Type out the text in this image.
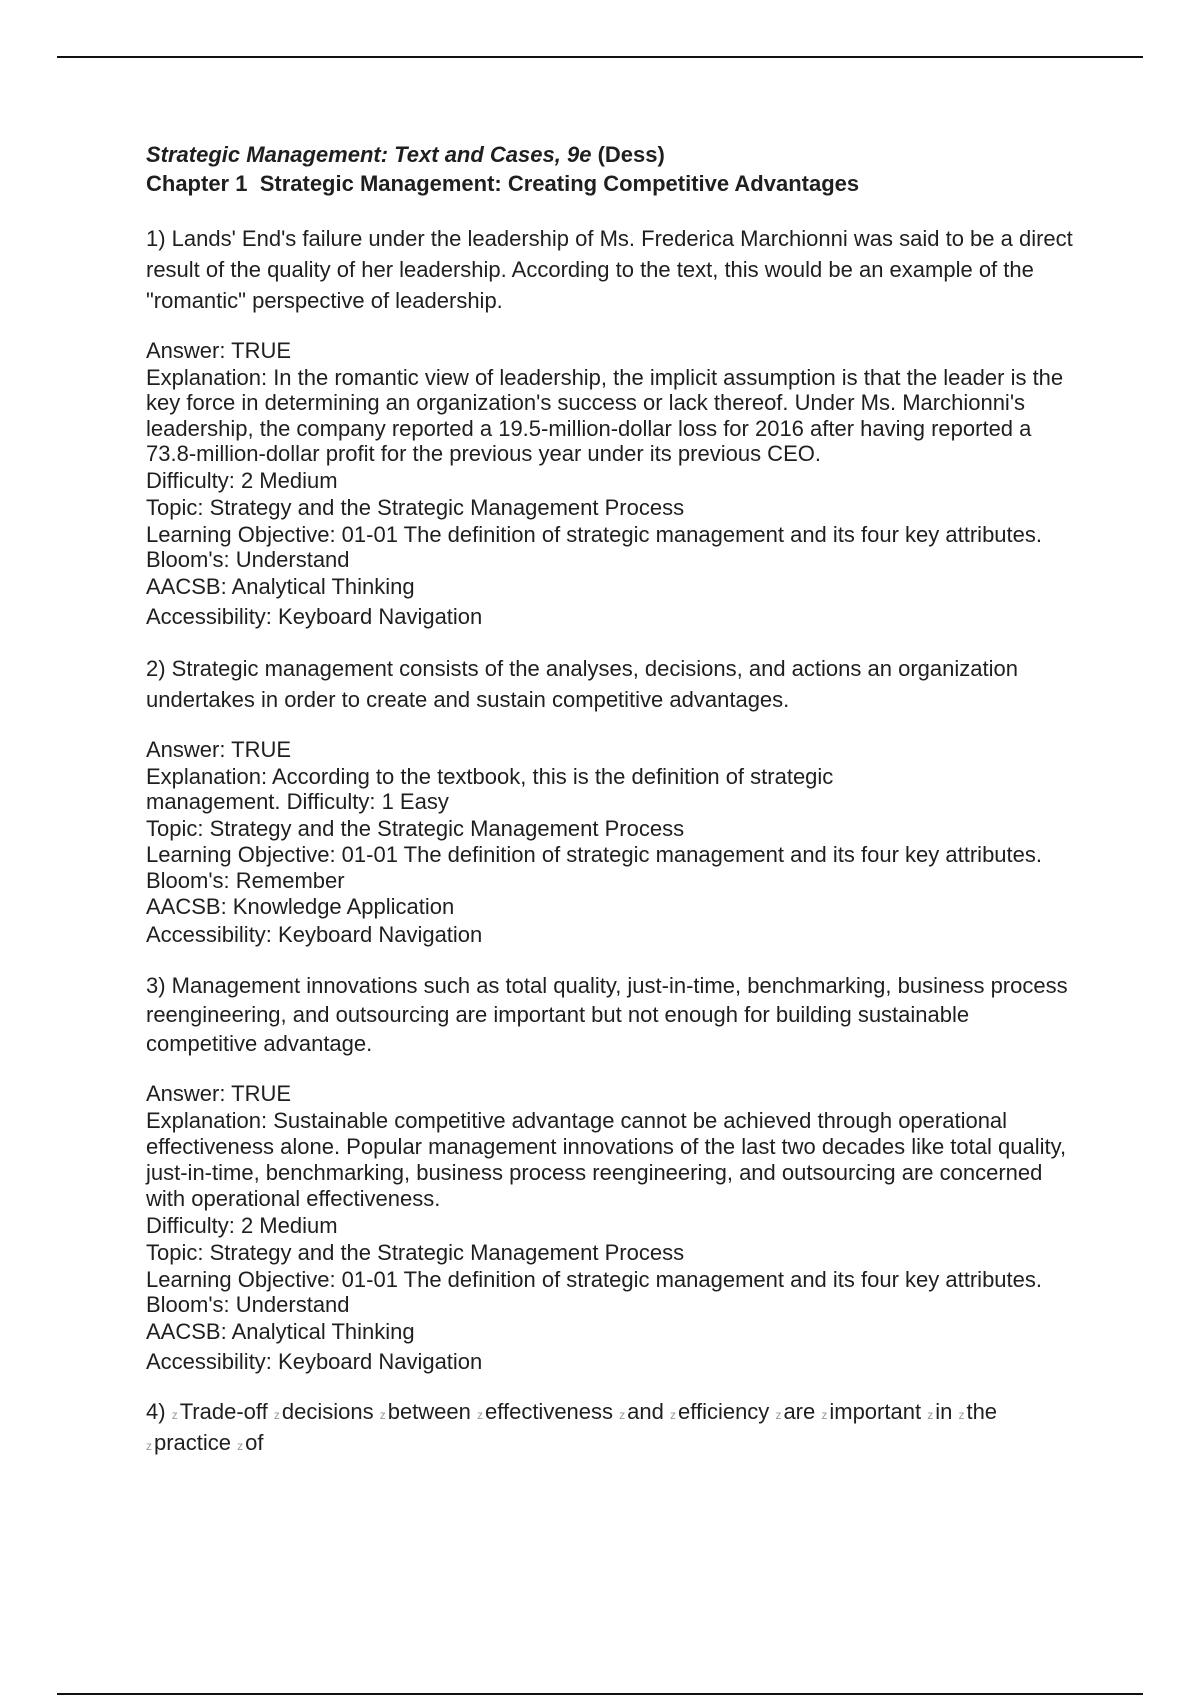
Strategic Management: Text and Cases, 9e (Dess)
Chapter 1  Strategic Management: Creating Competitive Advantages
1) Lands' End's failure under the leadership of Ms. Frederica Marchionni was said to be a direct result of the quality of her leadership. According to the text, this would be an example of the "romantic" perspective of leadership.
Answer: TRUE
Explanation: In the romantic view of leadership, the implicit assumption is that the leader is the key force in determining an organization's success or lack thereof. Under Ms. Marchionni's leadership, the company reported a 19.5-million-dollar loss for 2016 after having reported a 73.8-million-dollar profit for the previous year under its previous CEO.
Difficulty: 2 Medium
Topic: Strategy and the Strategic Management Process
Learning Objective: 01-01 The definition of strategic management and its four key attributes. Bloom's: Understand
AACSB: Analytical Thinking
Accessibility: Keyboard Navigation
2) Strategic management consists of the analyses, decisions, and actions an organization undertakes in order to create and sustain competitive advantages.
Answer: TRUE
Explanation: According to the textbook, this is the definition of strategic management. Difficulty: 1 Easy
Topic: Strategy and the Strategic Management Process
Learning Objective: 01-01 The definition of strategic management and its four key attributes. Bloom's: Remember
AACSB: Knowledge Application
Accessibility: Keyboard Navigation
3) Management innovations such as total quality, just-in-time, benchmarking, business process reengineering, and outsourcing are important but not enough for building sustainable competitive advantage.
Answer: TRUE
Explanation: Sustainable competitive advantage cannot be achieved through operational effectiveness alone. Popular management innovations of the last two decades like total quality, just-in-time, benchmarking, business process reengineering, and outsourcing are concerned with operational effectiveness.
Difficulty: 2 Medium
Topic: Strategy and the Strategic Management Process
Learning Objective: 01-01 The definition of strategic management and its four key attributes. Bloom's: Understand
AACSB: Analytical Thinking
Accessibility: Keyboard Navigation
4) zTrade-off zdecisions zbetween zeffectiveness zand zefficiency zare zimportant zin zthe zpractice zof
